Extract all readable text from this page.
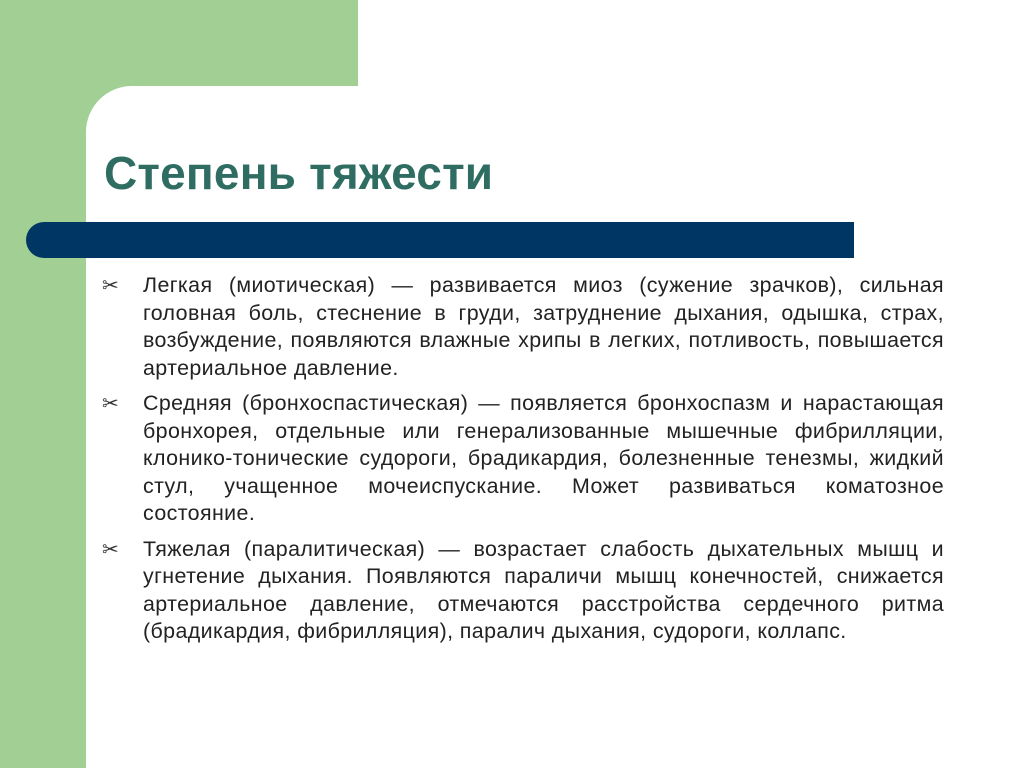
Степень тяжести
✂	Легкая (миотическая) — развивается миоз (сужение зрачков), сильная головная боль, стеснение в груди, затруднение дыхания, одышка, страх, возбуждение, появляются влажные хрипы в легких, потливость, повышается артериальное давление.
✂	Средняя (бронхоспастическая) — появляется бронхоспазм и нарастающая бронхорея, отдельные или генерализованные мышечные фибрилляции, клонико-тонические судороги, брадикардия, болезненные тенезмы, жидкий стул, учащенное мочеиспускание. Может развиваться коматозное состояние.
✂	Тяжелая (паралитическая) — возрастает слабость дыхательных мышц и угнетение дыхания. Появляются параличи мышц конечностей, снижается артериальное давление, отмечаются расстройства сердечного ритма (брадикардия, фибрилляция), паралич дыхания, судороги, коллапс.
